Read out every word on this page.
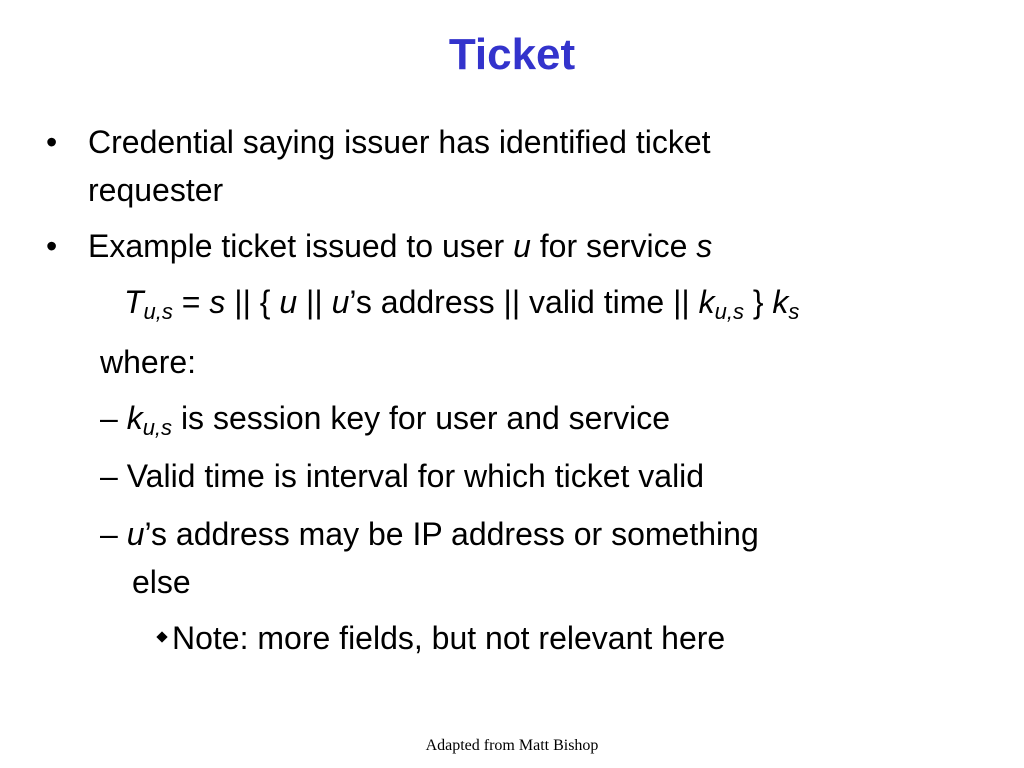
Ticket
• Credential saying issuer has identified ticket
requester
• Example ticket issued to user u for service s
$T_{u,s} = s$ || { u || u’s address || valid time || $k_{u,s}$ } $k_s$
where:
– $k_{u,s}$ is session key for user and service
– Valid time is interval for which ticket valid
– u’s address may be IP address or something
else
Note: more fields, but not relevant here
Adapted from Matt Bishop
